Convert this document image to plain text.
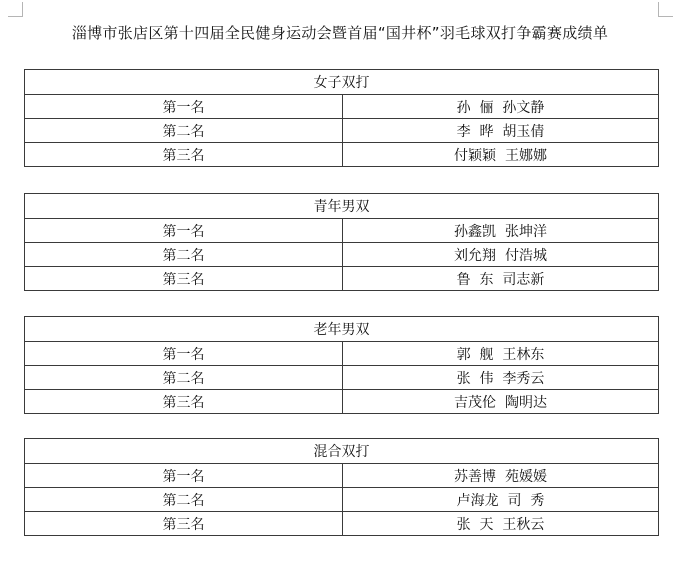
淄博市张店区第十四届全民健身运动会暨首届“国井杯”羽毛球双打争霸赛成绩单
女子双打	
第一名	孙  俪  孙文静
第二名	李  晔  胡玉倩
第三名	付颖颖  王娜娜
青年男双	
第一名	孙鑫凯  张坤洋
第二名	刘允翔  付浩城
第三名	鲁  东  司志新
老年男双	
第一名	郭  舰  王林东
第二名	张  伟  李秀云
第三名	吉茂伦  陶明达
混合双打	
第一名	苏善博  苑媛媛
第二名	卢海龙  司  秀
第三名	张  天  王秋云
